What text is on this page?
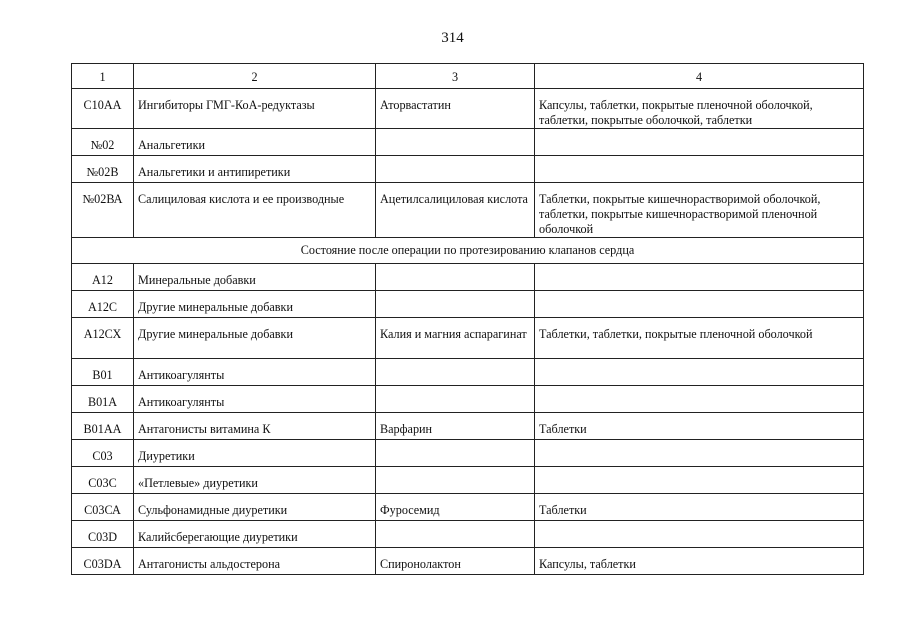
314
1	2	3	4
C10AA	Ингибиторы ГМГ-КоА-редуктазы	Аторвастатин	Капсулы, таблетки, покрытые пленочной оболочкой, таблетки, покрытые оболочкой, таблетки
№02	Анальгетики		
№02В	Анальгетики и антипиретики		
№02ВА	Салициловая кислота и ее производные	Ацетилсалициловая кислота	Таблетки, покрытые кишечнорастворимой оболочкой, таблетки, покрытые кишечнорастворимой пленочной оболочкой
Состояние после операции по протезированию клапанов сердца			
А12	Минеральные добавки		
А12С	Другие минеральные добавки		
А12СХ	Другие минеральные добавки	Калия и магния аспарагинат	Таблетки, таблетки, покрытые пленочной оболочкой
В01	Антикоагулянты		
В01А	Антикоагулянты		
В01АА	Антагонисты витамина К	Варфарин	Таблетки
С03	Диуретики		
С03С	«Петлевые» диуретики		
С03СА	Сульфонамидные диуретики	Фуросемид	Таблетки
С03D	Калийсберегающие диуретики		
С03DA	Антагонисты альдостерона	Спиронолактон	Капсулы, таблетки
